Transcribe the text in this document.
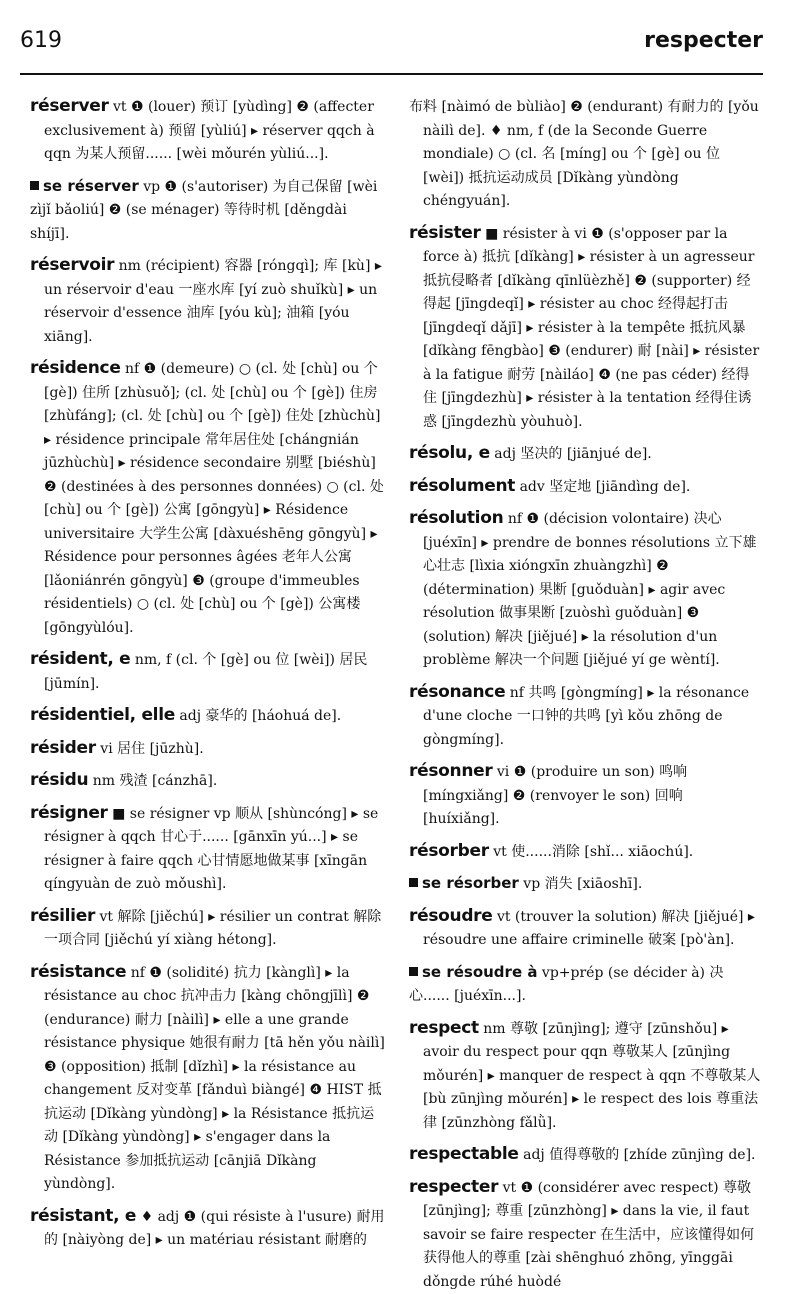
619	respecter

réserver vt ❶ (louer) 预订 [yùdìng] ❷ (affecter exclusivement à) 预留 [yùliú] ▸ réserver qqch à qqn 为某人预留...... [wèi mǒurén yùliú...].

se réserver vp ❶ (s'autoriser) 为自己保留 [wèi zìjǐ bǎoliú] ❷ (se ménager) 等待时机 [děngdài shíjī].

réservoir nm (récipient) 容器 [róngqì]; 库 [kù] ▸ un réservoir d'eau 一座水库 [yí zuò shuǐkù] ▸ un réservoir d'essence 油库 [yóu kù]; 油箱 [yóu xiāng].

résidence nf ❶ (demeure) ○ (cl. 处 [chù] ou 个 [gè]) 住所 [zhùsuǒ]; (cl. 处 [chù] ou 个 [gè]) 住房 [zhùfáng]; (cl. 处 [chù] ou 个 [gè]) 住处 [zhùchù] ▸ résidence principale 常年居住处 [chángnián jūzhùchù] ▸ résidence secondaire 别墅 [biéshù] ❷ (destinées à des personnes données) ○ (cl. 处 [chù] ou 个 [gè]) 公寓 [gōngyù] ▸ Résidence universitaire 大学生公寓 [dàxuéshēng gōngyù] ▸ Résidence pour personnes âgées 老年人公寓 [lǎoniánrén gōngyù] ❸ (groupe d'immeubles résidentiels) ○ (cl. 处 [chù] ou 个 [gè]) 公寓楼 [gōngyùlóu].

résident, e nm, f (cl. 个 [gè] ou 位 [wèi]) 居民 [jūmín].

résidentiel, elle adj 豪华的 [háohuá de].

résider vi 居住 [jūzhù].

résidu nm 残渣 [cánzhā].

résigner ■ se résigner vp 顺从 [shùncóng] ▸ se résigner à qqch 甘心于...... [gānxīn yú...] ▸ se résigner à faire qqch 心甘情愿地做某事 [xīngān qíngyuàn de zuò mǒushì].

résilier vt 解除 [jiěchú] ▸ résilier un contrat 解除一项合同 [jiěchú yí xiàng hétong].

résistance nf ❶ (solidité) 抗力 [kànglì] ▸ la résistance au choc 抗冲击力 [kàng chōngjīlì] ❷ (endurance) 耐力 [nàilì] ▸ elle a une grande résistance physique 她很有耐力 [tā hěn yǒu nàilì] ❸ (opposition) 抵制 [dǐzhì] ▸ la résistance au changement 反对变革 [fǎnduì biàngé] ❹ HIST 抵抗运动 [Dǐkàng yùndòng] ▸ la Résistance 抵抗运动 [Dǐkàng yùndòng] ▸ s'engager dans la Résistance 参加抵抗运动 [cānjiā Dǐkàng yùndòng].

résistant, e ♦ adj ❶ (qui résiste à l'usure) 耐用的 [nàiyòng de] ▸ un matériau résistant 耐磨的

布料 [nàimó de bùliào] ❷ (endurant) 有耐力的 [yǒu nàilì de]. ♦ nm, f (de la Seconde Guerre mondiale) ○ (cl. 名 [míng] ou 个 [gè] ou 位 [wèi]) 抵抗运动成员 [Dǐkàng yùndòng chéngyuán].

résister ■ résister à vi ❶ (s'opposer par la force à) 抵抗 [dǐkàng] ▸ résister à un agresseur 抵抗侵略者 [dǐkàng qīnlüèzhě] ❷ (supporter) 经得起 [jīngdeqǐ] ▸ résister au choc 经得起打击 [jīngdeqǐ dǎjī] ▸ résister à la tempête 抵抗风暴 [dǐkàng fēngbào] ❸ (endurer) 耐 [nài] ▸ résister à la fatigue 耐劳 [nàiláo] ❹ (ne pas céder) 经得住 [jīngdezhù] ▸ résister à la tentation 经得住诱惑 [jīngdezhù yòuhuò].

résolu, e adj 坚决的 [jiānjué de].

résolument adv 坚定地 [jiāndìng de].

résolution nf ❶ (décision volontaire) 决心 [juéxīn] ▸ prendre de bonnes résolutions 立下雄心壮志 [lìxia xióngxīn zhuàngzhì] ❷ (détermination) 果断 [guǒduàn] ▸ agir avec résolution 做事果断 [zuòshì guǒduàn] ❸ (solution) 解决 [jiějué] ▸ la résolution d'un problème 解决一个问题 [jiějué yí ge wèntí].

résonance nf 共鸣 [gòngmíng] ▸ la résonance d'une cloche 一口钟的共鸣 [yì kǒu zhōng de gòngmíng].

résonner vi ❶ (produire un son) 鸣响 [míngxiǎng] ❷ (renvoyer le son) 回响 [huíxiǎng].

résorber vt 使......消除 [shǐ... xiāochú].

se résorber vp 消失 [xiāoshī].

résoudre vt (trouver la solution) 解决 [jiějué] ▸ résoudre une affaire criminelle 破案 [pò'àn].

se résoudre à vp+prép (se décider à) 决心...... [juéxīn...].

respect nm 尊敬 [zūnjìng]; 遵守 [zūnshǒu] ▸ avoir du respect pour qqn 尊敬某人 [zūnjìng mǒurén] ▸ manquer de respect à qqn 不尊敬某人 [bù zūnjìng mǒurén] ▸ le respect des lois 尊重法律 [zūnzhòng fǎlǜ].

respectable adj 值得尊敬的 [zhíde zūnjìng de].

respecter vt ❶ (considérer avec respect) 尊敬 [zūnjìng]; 尊重 [zūnzhòng] ▸ dans la vie, il faut savoir se faire respecter 在生活中，应该懂得如何获得他人的尊重 [zài shēnghuó zhōng, yīnggāi dǒngde rúhé huòdé
